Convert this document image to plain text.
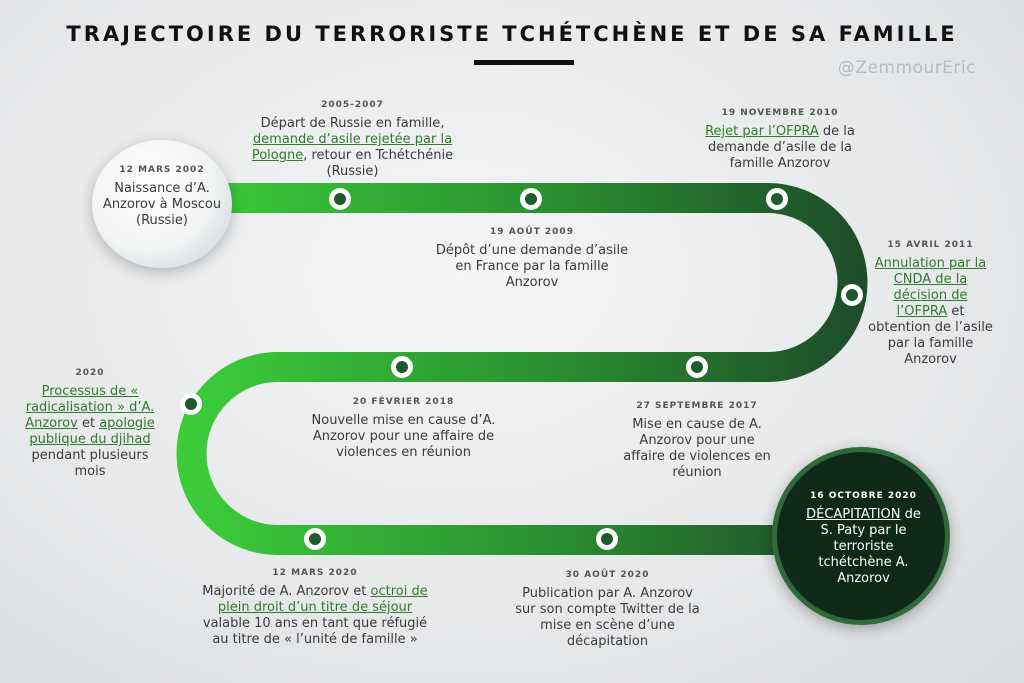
TRAJECTOIRE DU TERRORISTE TCHÉTCHÈNE ET DE SA FAMILLE
@ZemmourEric
12 MARS 2002
Naissance d’A. Anzorov à Moscou (Russie)
2005-2007
Départ de Russie en famille, demande d’asile rejetée par la Pologne, retour en Tchétchénie (Russie)
19 AOÛT 2009
Dépôt d’une demande d’asile en France par la famille Anzorov
19 NOVEMBRE 2010
Rejet par l’OFPRA de la demande d’asile de la famille Anzorov
15 AVRIL 2011
Annulation par la CNDA de la décision de l’OFPRA et obtention de l’asile par la famille Anzorov
27 SEPTEMBRE 2017
Mise en cause de A. Anzorov pour une affaire de violences en réunion
20 FÉVRIER 2018
Nouvelle mise en cause d’A. Anzorov pour une affaire de violences en réunion
2020
Processus de « radicalisation » d’A. Anzorov et apologie publique du djihad pendant plusieurs mois
12 MARS 2020
Majorité de A. Anzorov et octroi de plein droit d’un titre de séjour valable 10 ans en tant que réfugié au titre de « l’unité de famille »
30 AOÛT 2020
Publication par A. Anzorov sur son compte Twitter de la mise en scène d’une décapitation
16 OCTOBRE 2020
DÉCAPITATION de S. Paty par le terroriste tchétchène A. Anzorov
